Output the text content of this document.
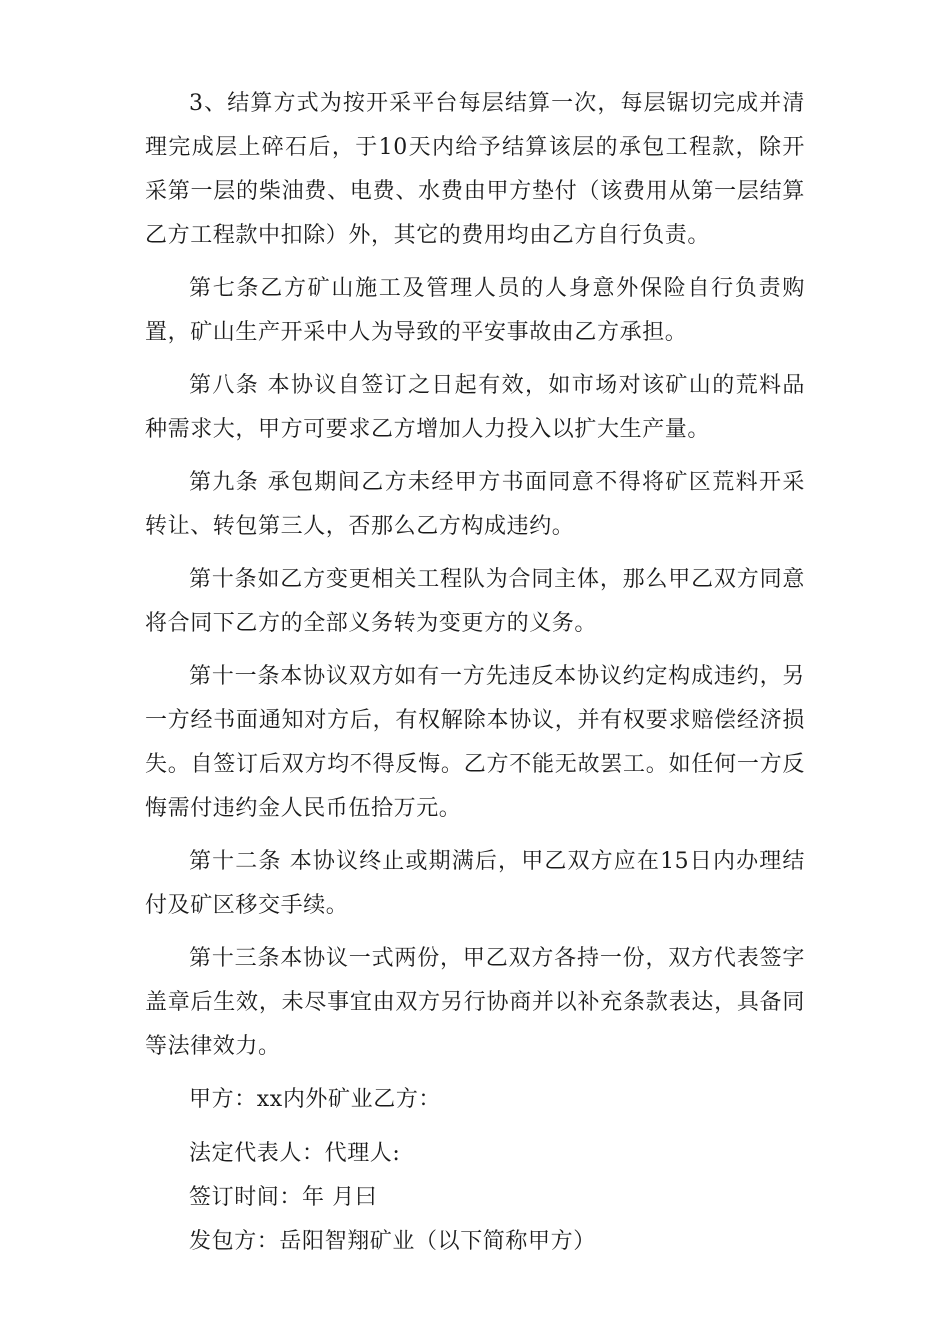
3、结算方式为按开采平台每层结算一次，每层锯切完成并清理完成层上碎石后，于10天内给予结算该层的承包工程款，除开采第一层的柴油费、电费、水费由甲方垫付（该费用从第一层结算乙方工程款中扣除）外，其它的费用均由乙方自行负责。

第七条乙方矿山施工及管理人员的人身意外保险自行负责购置，矿山生产开采中人为导致的平安事故由乙方承担。

第八条 本协议自签订之日起有效，如市场对该矿山的荒料品种需求大，甲方可要求乙方增加人力投入以扩大生产量。

第九条 承包期间乙方未经甲方书面同意不得将矿区荒料开采转让、转包第三人，否那么乙方构成违约。

第十条如乙方变更相关工程队为合同主体，那么甲乙双方同意将合同下乙方的全部义务转为变更方的义务。

第十一条本协议双方如有一方先违反本协议约定构成违约，另一方经书面通知对方后，有权解除本协议，并有权要求赔偿经济损失。自签订后双方均不得反悔。乙方不能无故罢工。如任何一方反悔需付违约金人民币伍拾万元。

第十二条 本协议终止或期满后，甲乙双方应在15日内办理结付及矿区移交手续。

第十三条本协议一式两份，甲乙双方各持一份，双方代表签字盖章后生效，未尽事宜由双方另行协商并以补充条款表达，具备同等法律效力。

甲方：xx内外矿业乙方：

法定代表人：代理人:

签订时间：年 月曰

发包方：岳阳智翔矿业（以下简称甲方）
